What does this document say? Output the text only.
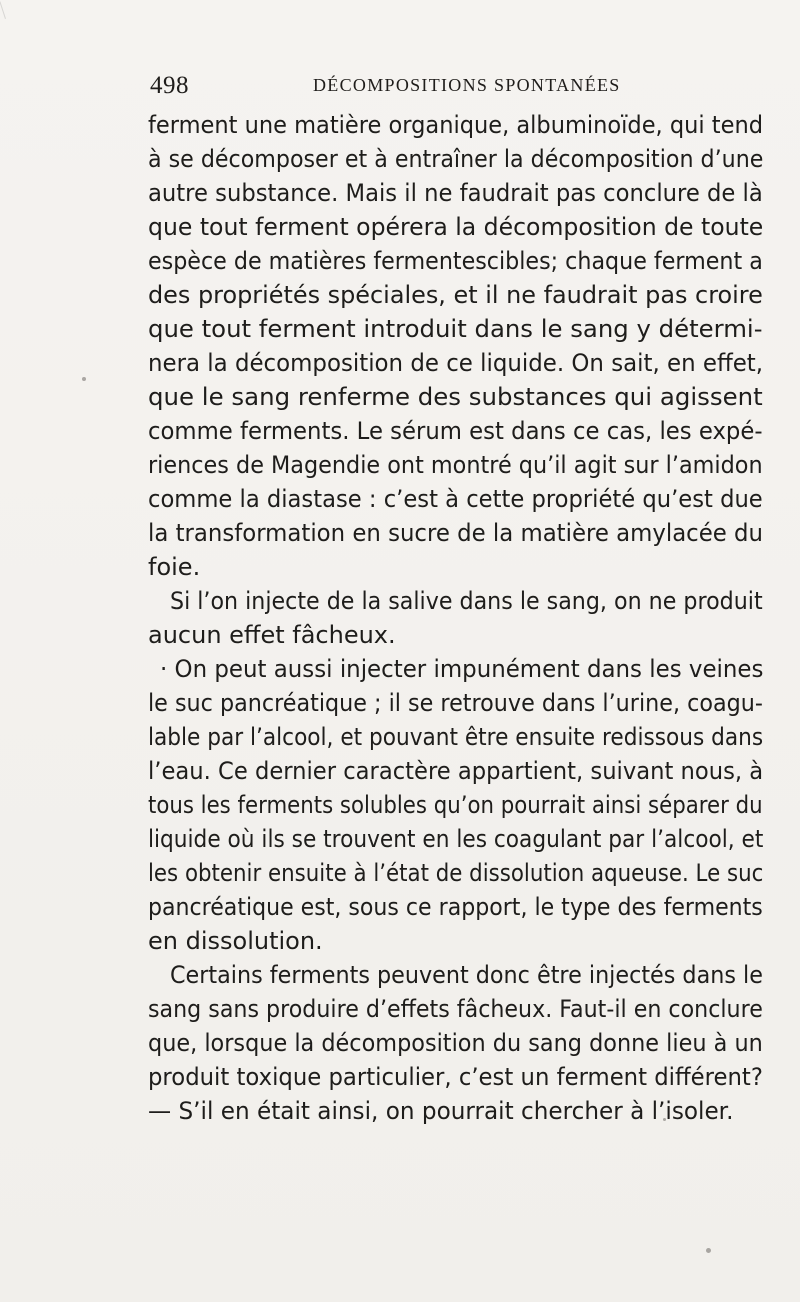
498	DÉCOMPOSITIONS SPONTANÉES
ferment une matière organique, albuminoïde, qui tend
à se décomposer et à entraîner la décomposition d’une
autre substance. Mais il ne faudrait pas conclure de là
que tout ferment opérera la décomposition de toute
espèce de matières fermentescibles; chaque ferment a
des propriétés spéciales, et il ne faudrait pas croire
que tout ferment introduit dans le sang y détermi-
nera la décomposition de ce liquide. On sait, en effet,
que le sang renferme des substances qui agissent
comme ferments. Le sérum est dans ce cas, les expé-
riences de Magendie ont montré qu’il agit sur l’amidon
comme la diastase : c’est à cette propriété qu’est due
la transformation en sucre de la matière amylacée du
foie.
Si l’on injecte de la salive dans le sang, on ne produit
aucun effet fâcheux.
· On peut aussi injecter impunément dans les veines
le suc pancréatique ; il se retrouve dans l’urine, coagu-
lable par l’alcool, et pouvant être ensuite redissous dans
l’eau. Ce dernier caractère appartient, suivant nous, à
tous les ferments solubles qu’on pourrait ainsi séparer du
liquide où ils se trouvent en les coagulant par l’alcool, et
les obtenir ensuite à l’état de dissolution aqueuse. Le suc
pancréatique est, sous ce rapport, le type des ferments
en dissolution.
Certains ferments peuvent donc être injectés dans le
sang sans produire d’effets fâcheux. Faut-il en conclure
que, lorsque la décomposition du sang donne lieu à un
produit toxique particulier, c’est un ferment différent?
— S’il en était ainsi, on pourrait chercher à l’isoler.
